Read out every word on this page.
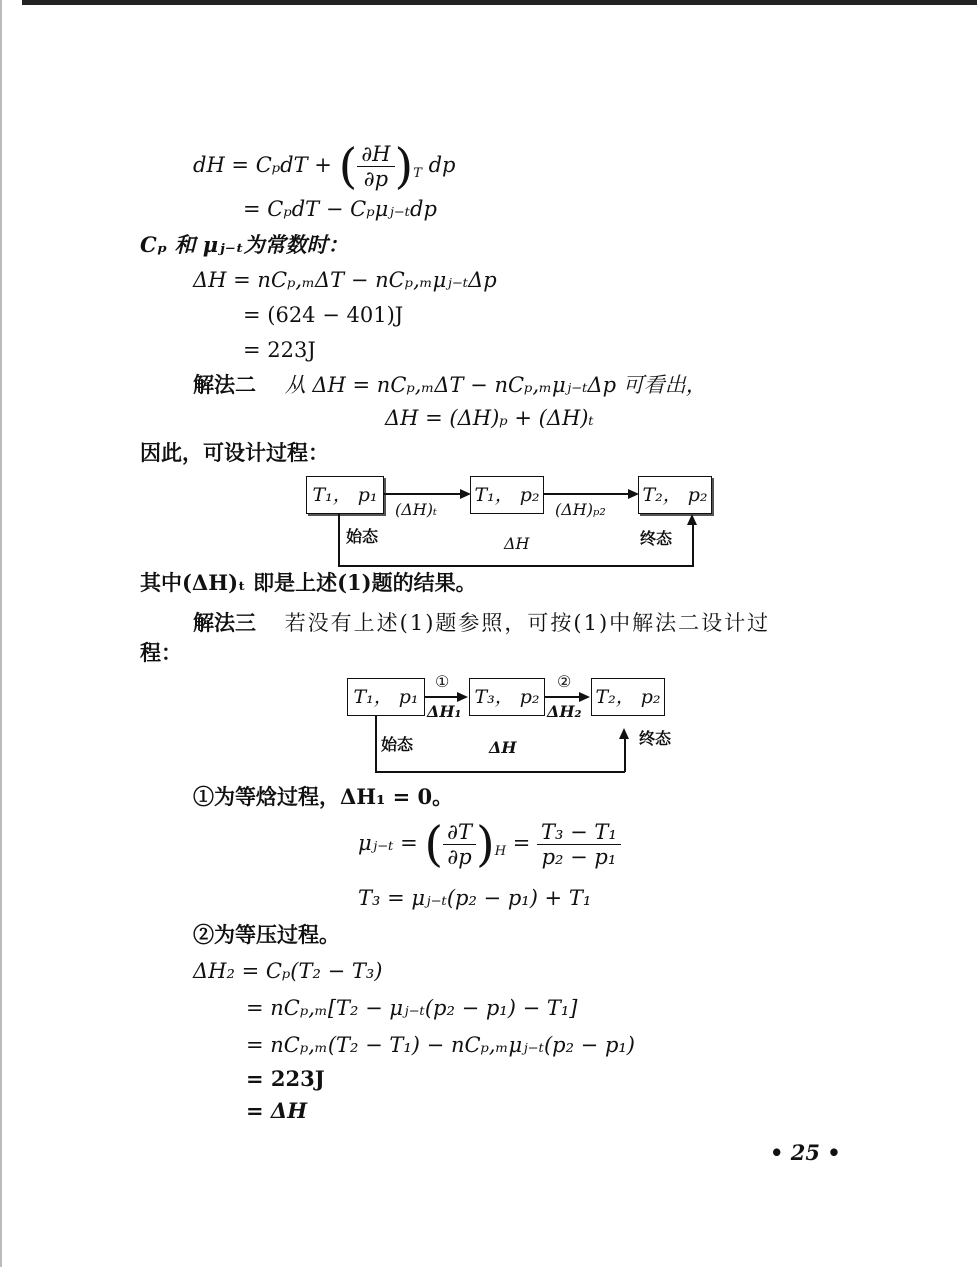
dH = CₚdT + ( $\frac{\partial H}{\partial p} )_T$ dp
= CₚdT − Cₚμⱼ₋ₜdp
Cₚ 和 μⱼ₋ₜ为常数时：
ΔH = nCₚ,ₘΔT − nCₚ,ₘμⱼ₋ₜΔp
= (624 − 401)J
= 223J
解法二 从 ΔH = nCₚ,ₘΔT − nCₚ,ₘμⱼ₋ₜΔp 可看出，
ΔH = (ΔH)ₚ + (ΔH)ₜ
因此，可设计过程：
T₁， p₁
(ΔH)ₜ
T₁， p₂
(ΔH)ₚ₂
T₂， p₂
始态	ΔH	终态
其中(ΔH)ₜ 即是上述(1)题的结果。
解法三 若没有上述(1)题参照，可按(1)中解法二设计过
程：
T₁， p₁
①
ΔH₁
T₃， p₂
②
ΔH₂
T₂， p₂
始态	ΔH	终态
①为等焓过程，ΔH₁ = 0。
μⱼ₋ₜ = ( $\frac{\partial T}{\partial p} )_H = \frac{\text{T₃ − T₁}}{\text{p₂ − p₁}}$
T₃ = μⱼ₋ₜ(p₂ − p₁) + T₁
②为等压过程。
ΔH₂ = Cₚ(T₂ − T₃)
= nCₚ,ₘ[T₂ − μⱼ₋ₜ(p₂ − p₁) − T₁]
= nCₚ,ₘ(T₂ − T₁) − nCₚ,ₘμⱼ₋ₜ(p₂ − p₁)
= 223J
= ΔH
• 25 •
